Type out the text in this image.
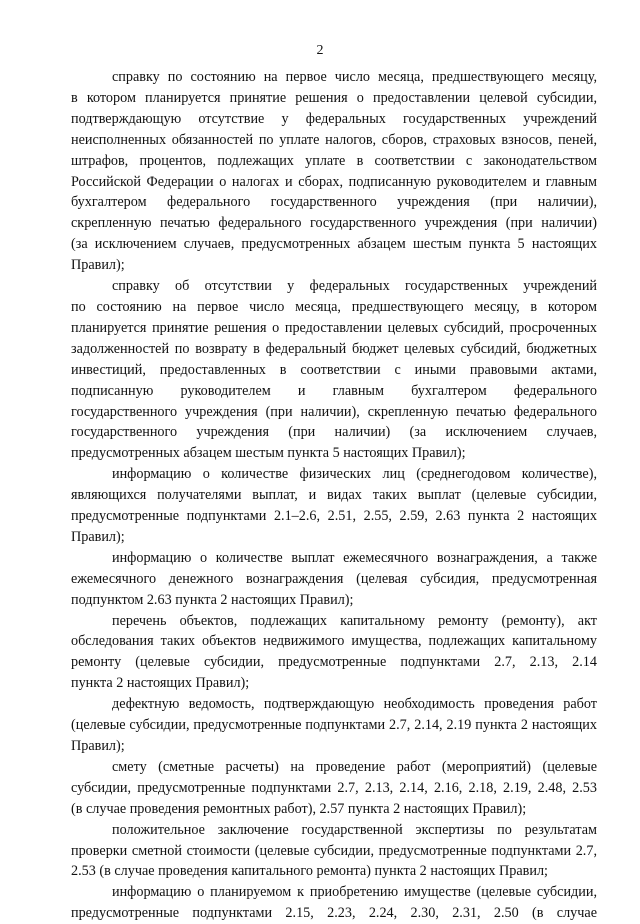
2

справку по состоянию на первое число месяца, предшествующего месяцу,
в котором планируется принятие решения о предоставлении целевой субсидии,
подтверждающую отсутствие у федеральных государственных учреждений
неисполненных обязанностей по уплате налогов, сборов, страховых взносов, пеней,
штрафов, процентов, подлежащих уплате в соответствии с законодательством
Российской Федерации о налогах и сборах, подписанную руководителем и главным
бухгалтером федерального государственного учреждения (при наличии),
скрепленную печатью федерального государственного учреждения (при наличии)
(за исключением случаев, предусмотренных абзацем шестым пункта 5 настоящих
Правил);

справку об отсутствии у федеральных государственных учреждений
по состоянию на первое число месяца, предшествующего месяцу, в котором
планируется принятие решения о предоставлении целевых субсидий, просроченных
задолженностей по возврату в федеральный бюджет целевых субсидий, бюджетных
инвестиций, предоставленных в соответствии с иными правовыми актами,
подписанную руководителем и главным бухгалтером федерального
государственного учреждения (при наличии), скрепленную печатью федерального
государственного учреждения (при наличии) (за исключением случаев,
предусмотренных абзацем шестым пункта 5 настоящих Правил);

информацию о количестве физических лиц (среднегодовом количестве),
являющихся получателями выплат, и видах таких выплат (целевые субсидии,
предусмотренные подпунктами 2.1–2.6, 2.51, 2.55, 2.59, 2.63 пункта 2 настоящих
Правил);

информацию о количестве выплат ежемесячного вознаграждения, а также
ежемесячного денежного вознаграждения (целевая субсидия, предусмотренная
подпунктом 2.63 пункта 2 настоящих Правил);

перечень объектов, подлежащих капитальному ремонту (ремонту), акт
обследования таких объектов недвижимого имущества, подлежащих капитальному
ремонту (целевые субсидии, предусмотренные подпунктами 2.7, 2.13, 2.14
пункта 2 настоящих Правил);

дефектную ведомость, подтверждающую необходимость проведения работ
(целевые субсидии, предусмотренные подпунктами 2.7, 2.14, 2.19 пункта 2 настоящих
Правил);

смету (сметные расчеты) на проведение работ (мероприятий) (целевые
субсидии, предусмотренные подпунктами 2.7, 2.13, 2.14, 2.16, 2.18, 2.19, 2.48, 2.53
(в случае проведения ремонтных работ), 2.57 пункта 2 настоящих Правил);

положительное заключение государственной экспертизы по результатам
проверки сметной стоимости (целевые субсидии, предусмотренные подпунктами 2.7,
2.53 (в случае проведения капитального ремонта) пункта 2 настоящих Правил;

информацию о планируемом к приобретению имуществе (целевые субсидии,
предусмотренные подпунктами 2.15, 2.23, 2.24, 2.30, 2.31, 2.50 (в случае
